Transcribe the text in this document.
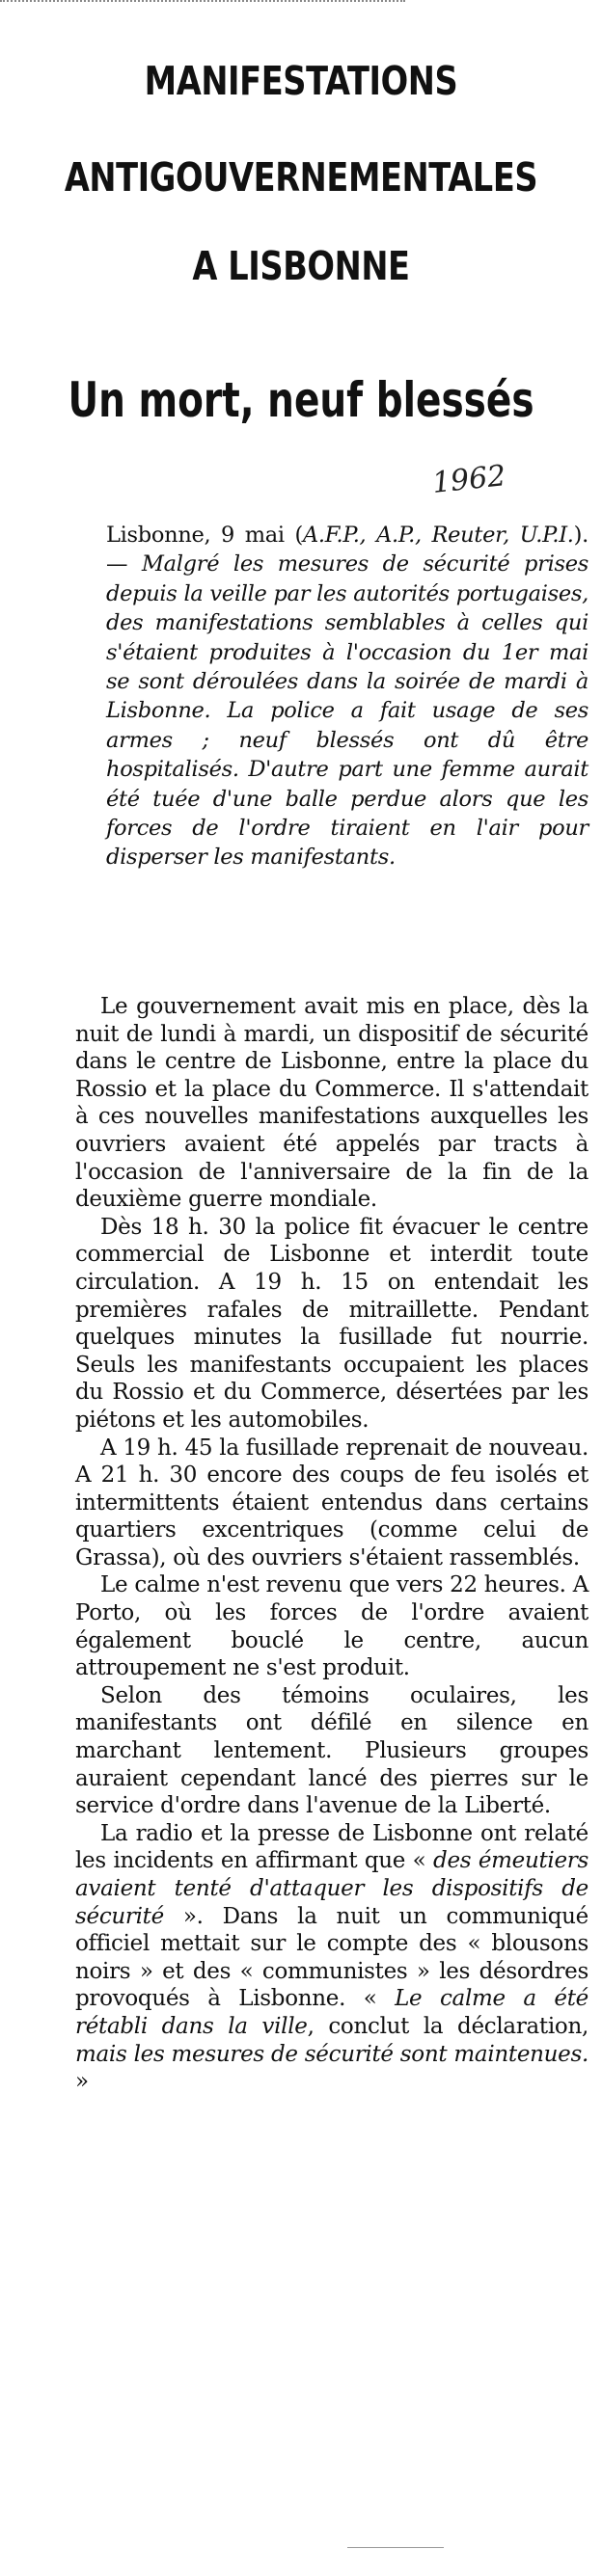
MANIFESTATIONS
ANTIGOUVERNEMENTALES
A LISBONNE
Un mort, neuf blessés
1962
Lisbonne, 9 mai (A.F.P., A.P., Reuter, U.P.I.). — Malgré les mesures de sécurité prises depuis la veille par les autorités portugaises, des manifestations semblables à celles qui s'étaient produites à l'occasion du 1er mai se sont déroulées dans la soirée de mardi à Lisbonne. La police a fait usage de ses armes ; neuf blessés ont dû être hospitalisés. D'autre part une femme aurait été tuée d'une balle perdue alors que les forces de l'ordre tiraient en l'air pour disperser les manifestants.

Le gouvernement avait mis en place, dès la nuit de lundi à mardi, un dispositif de sécurité dans le centre de Lisbonne, entre la place du Rossio et la place du Commerce. Il s'attendait à ces nouvelles manifestations auxquelles les ouvriers avaient été appelés par tracts à l'occasion de l'anniversaire de la fin de la deuxième guerre mondiale.

Dès 18 h. 30 la police fit évacuer le centre commercial de Lisbonne et interdit toute circulation. A 19 h. 15 on entendait les premières rafales de mitraillette. Pendant quelques minutes la fusillade fut nourrie. Seuls les manifestants occupaient les places du Rossio et du Commerce, désertées par les piétons et les automobiles.

A 19 h. 45 la fusillade reprenait de nouveau. A 21 h. 30 encore des coups de feu isolés et intermittents étaient entendus dans certains quartiers excentriques (comme celui de Grassa), où des ouvriers s'étaient rassemblés.

Le calme n'est revenu que vers 22 heures. A Porto, où les forces de l'ordre avaient également bouclé le centre, aucun attroupement ne s'est produit.

Selon des témoins oculaires, les manifestants ont défilé en silence en marchant lentement. Plusieurs groupes auraient cependant lancé des pierres sur le service d'ordre dans l'avenue de la Liberté.

La radio et la presse de Lisbonne ont relaté les incidents en affirmant que « des émeutiers avaient tenté d'attaquer les dispositifs de sécurité ». Dans la nuit un communiqué officiel mettait sur le compte des « blousons noirs » et des « communistes » les désordres provoqués à Lisbonne. « Le calme a été rétabli dans la ville, conclut la déclaration, mais les mesures de sécurité sont maintenues. »
